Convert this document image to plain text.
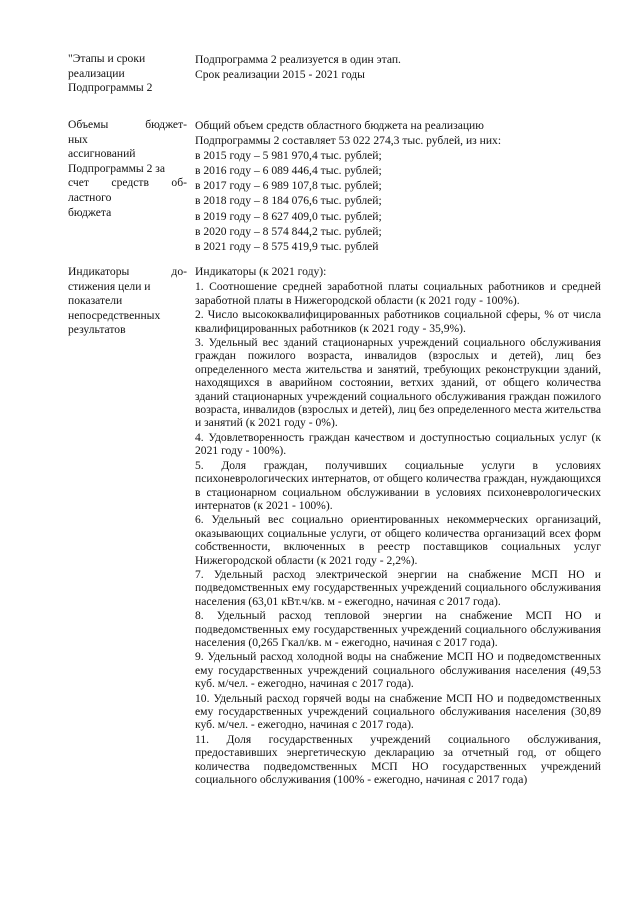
"Этапы и сроки
реализации
Подпрограммы 2
Подпрограмма 2 реализуется в один этап.
Срок реализации 2015 - 2021 годы
Объемы бюджет-
ных
ассигнований
Подпрограммы 2 за
счет средств об-
ластного
бюджета
Общий объем средств областного бюджета на реализацию
Подпрограммы 2 составляет 53 022 274,3 тыс. рублей, из них:
в 2015 году – 5 981 970,4 тыс. рублей;
в 2016 году – 6 089 446,4 тыс. рублей;
в 2017 году – 6 989 107,8 тыс. рублей;
в 2018 году – 8 184 076,6 тыс. рублей;
в 2019 году – 8 627 409,0 тыс. рублей;
в 2020 году – 8 574 844,2 тыс. рублей;
в 2021 году – 8 575 419,9 тыс. рублей
Индикаторы до-
стижения цели и
показатели
непосредственных
результатов
Индикаторы (к 2021 году):
1. Соотношение средней заработной платы социальных работников и средней заработной платы в Нижегородской области (к 2021 году - 100%).
2. Число высококвалифицированных работников социальной сферы, % от числа квалифицированных работников (к 2021 году - 35,9%).
3. Удельный вес зданий стационарных учреждений социального обслуживания граждан пожилого возраста, инвалидов (взрослых и детей), лиц без определенного места жительства и занятий, требующих реконструкции зданий, находящихся в аварийном состоянии, ветхих зданий, от общего количества зданий стационарных учреждений социального обслуживания граждан пожилого возраста, инвалидов (взрослых и детей), лиц без определенного места жительства и занятий (к 2021 году - 0%).
4. Удовлетворенность граждан качеством и доступностью социальных услуг (к 2021 году - 100%).
5. Доля граждан, получивших социальные услуги в условиях психоневрологических интернатов, от общего количества граждан, нуждающихся в стационарном социальном обслуживании в условиях психоневрологических интернатов (к 2021 - 100%).
6. Удельный вес социально ориентированных некоммерческих организаций, оказывающих социальные услуги, от общего количества организаций всех форм собственности, включенных в реестр поставщиков социальных услуг Нижегородской области (к 2021 году - 2,2%).
7. Удельный расход электрической энергии на снабжение МСП НО и подведомственных ему государственных учреждений социального обслуживания населения (63,01 кВт.ч/кв. м - ежегодно, начиная с 2017 года).
8. Удельный расход тепловой энергии на снабжение МСП НО и подведомственных ему государственных учреждений социального обслуживания населения (0,265 Гкал/кв. м - ежегодно, начиная с 2017 года).
9. Удельный расход холодной воды на снабжение МСП НО и подведомственных ему государственных учреждений социального обслуживания населения (49,53 куб. м/чел. - ежегодно, начиная с 2017 года).
10. Удельный расход горячей воды на снабжение МСП НО и подведомственных ему государственных учреждений социального обслуживания населения (30,89 куб. м/чел. - ежегодно, начиная с 2017 года).
11. Доля государственных учреждений социального обслуживания, предоставивших энергетическую декларацию за отчетный год, от общего количества подведомственных МСП НО государственных учреждений социального обслуживания (100% - ежегодно, начиная с 2017 года)
